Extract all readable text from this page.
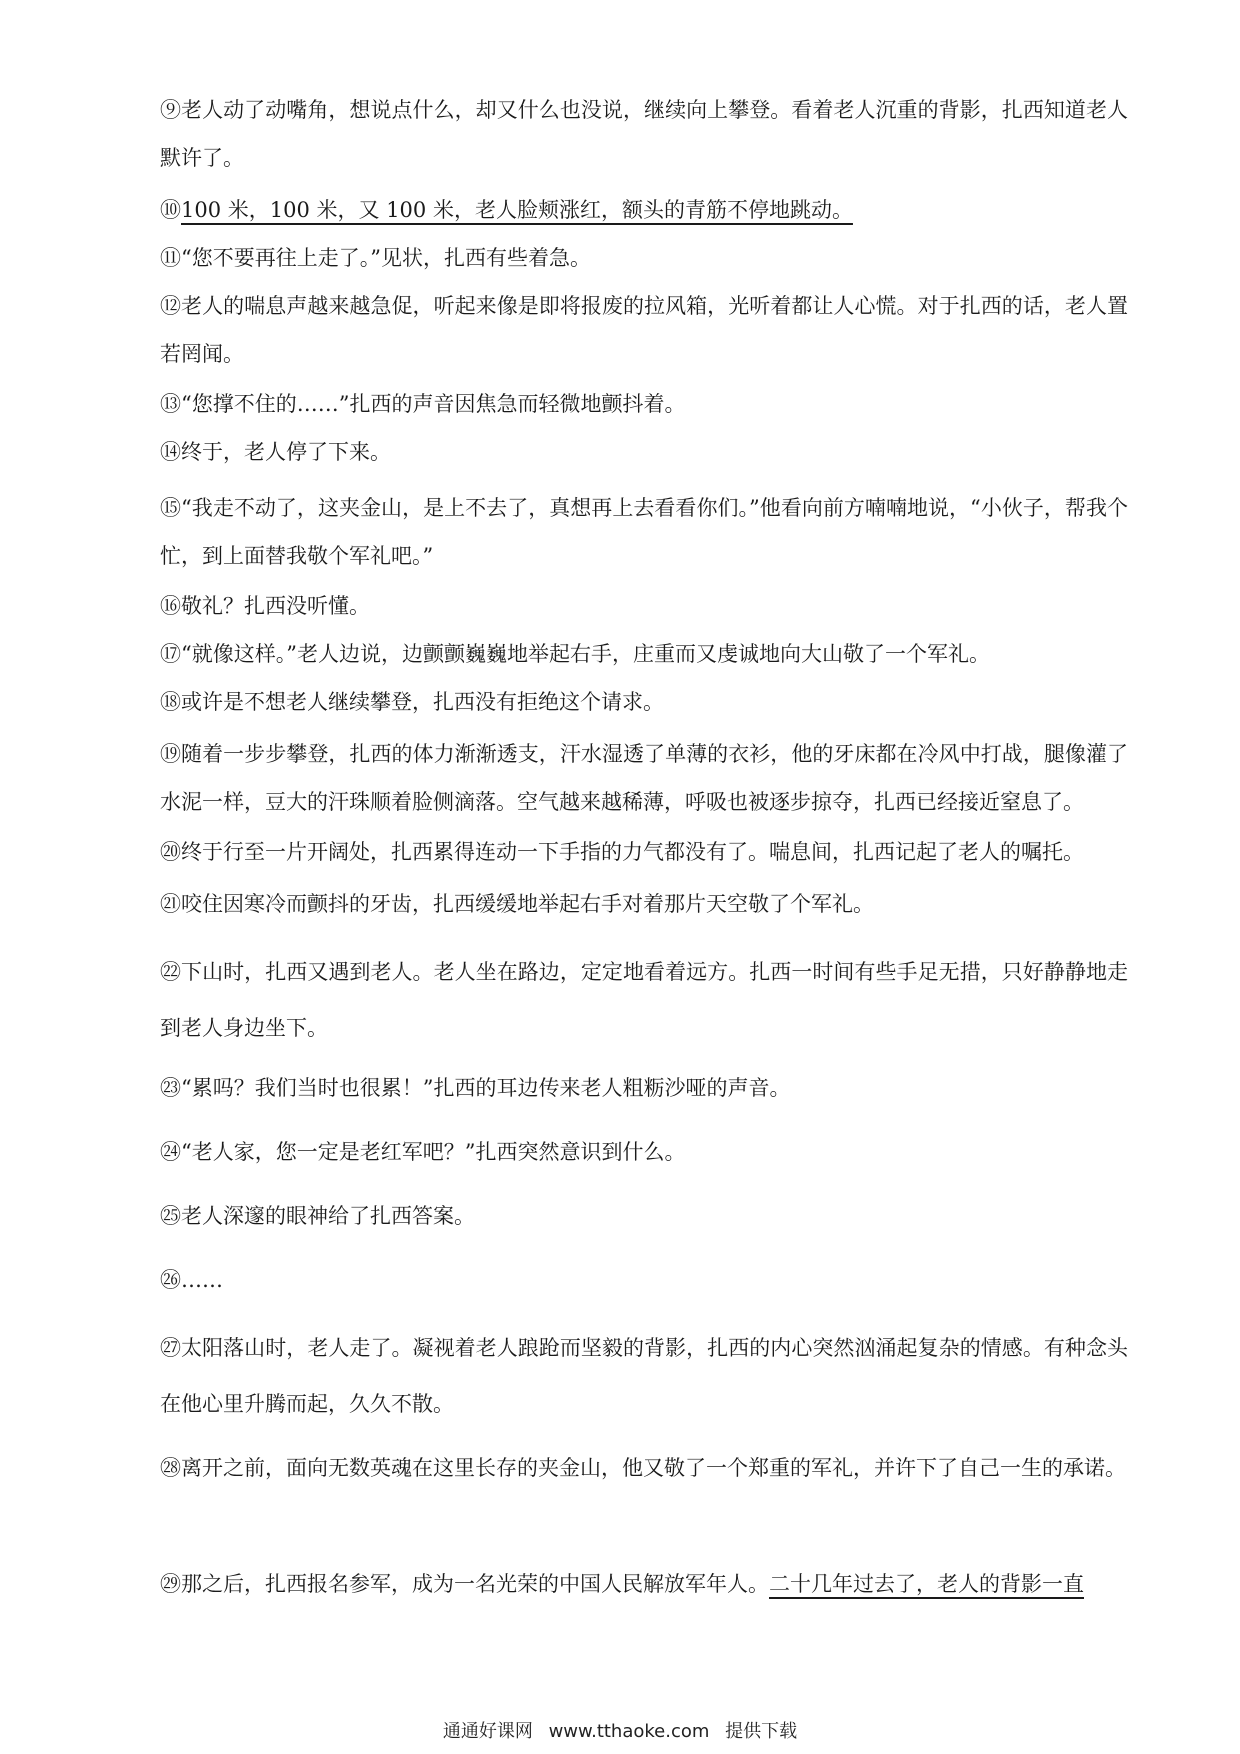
⑨老人动了动嘴角，想说点什么，却又什么也没说，继续向上攀登。看着老人沉重的背影，扎西知道老人默许了。

⑩100 米，100 米，又 100 米，老人脸颊涨红，额头的青筋不停地跳动。

⑪“您不要再往上走了。”见状，扎西有些着急。

⑫老人的喘息声越来越急促，听起来像是即将报废的拉风箱，光听着都让人心慌。对于扎西的话，老人置若罔闻。

⑬“您撑不住的……”扎西的声音因焦急而轻微地颤抖着。

⑭终于，老人停了下来。

⑮“我走不动了，这夹金山，是上不去了，真想再上去看看你们。”他看向前方喃喃地说，“小伙子，帮我个忙，到上面替我敬个军礼吧。”

⑯敬礼？扎西没听懂。

⑰“就像这样。”老人边说，边颤颤巍巍地举起右手，庄重而又虔诚地向大山敬了一个军礼。

⑱或许是不想老人继续攀登，扎西没有拒绝这个请求。

⑲随着一步步攀登，扎西的体力渐渐透支，汗水湿透了单薄的衣衫，他的牙床都在冷风中打战，腿像灌了水泥一样，豆大的汗珠顺着脸侧滴落。空气越来越稀薄，呼吸也被逐步掠夺，扎西已经接近窒息了。

⑳终于行至一片开阔处，扎西累得连动一下手指的力气都没有了。喘息间，扎西记起了老人的嘱托。

㉑咬住因寒冷而颤抖的牙齿，扎西缓缓地举起右手对着那片天空敬了个军礼。

㉒下山时，扎西又遇到老人。老人坐在路边，定定地看着远方。扎西一时间有些手足无措，只好静静地走到老人身边坐下。

㉓“累吗？我们当时也很累！”扎西的耳边传来老人粗粝沙哑的声音。

㉔“老人家，您一定是老红军吧？”扎西突然意识到什么。

㉕老人深邃的眼神给了扎西答案。

㉖……

㉗太阳落山时，老人走了。凝视着老人踉跄而坚毅的背影，扎西的内心突然汹涌起复杂的情感。有种念头在他心里升腾而起，久久不散。

㉘离开之前，面向无数英魂在这里长存的夹金山，他又敬了一个郑重的军礼，并许下了自己一生的承诺。

㉙那之后，扎西报名参军，成为一名光荣的中国人民解放军年人。二十几年过去了，老人的背影一直

通通好课网 www.tthaoke.com 提供下载
